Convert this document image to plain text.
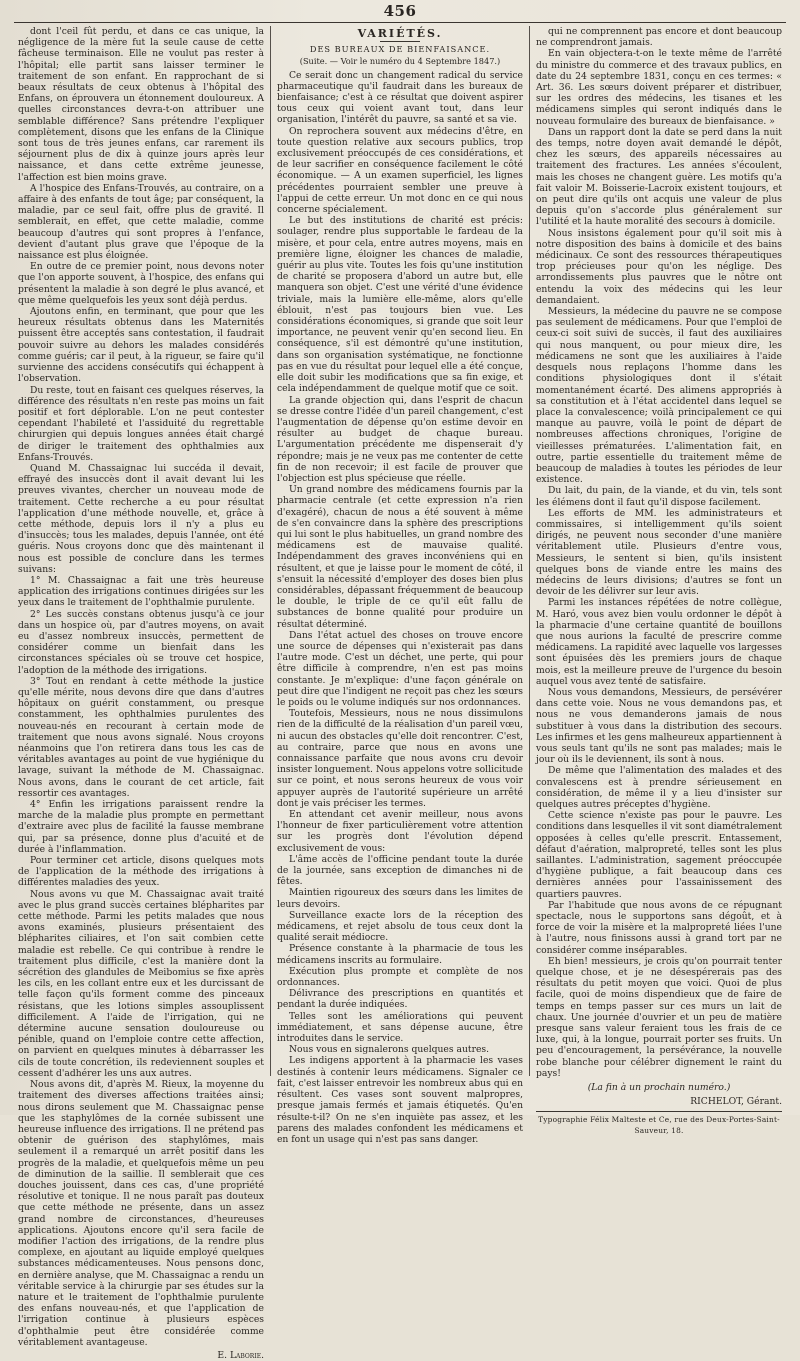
456

dont l'ceil fût perdu, et dans ce cas unique, la négligence de la mère fut la seule cause de cette fâcheuse terminaison. Elle ne voulut pas rester à l'hôpital; elle partit sans laisser terminer le traitement de son enfant. En rapprochant de si beaux résultats de ceux obtenus à l'hôpital des Enfans, on éprouvera un étonnement douloureux. A quelles circonstances devra-t-on attribuer une semblable différence? Sans prétendre l'expliquer complètement, disons que les enfans de la Clinique sont tous de très jeunes enfans, car rarement ils séjournent plus de dix à quinze jours après leur naissance, et dans cette extrême jeunesse, l'affection est bien moins grave.

A l'hospice des Enfans-Trouvés, au contraire, on a affaire à des enfants de tout âge; par conséquent, la maladie, par ce seul fait, offre plus de gravité. Il semblerait, en effet, que cette maladie, comme beaucoup d'autres qui sont propres à l'enfance, devient d'autant plus grave que l'époque de la naissance est plus éloignée.

En outre de ce premier point, nous devons noter que l'on apporte souvent, à l'hospice, des enfans qui présentent la maladie à son degré le plus avancé, et que même quelquefois les yeux sont déjà perdus.

Ajoutons enfin, en terminant, que pour que les heureux résultats obtenus dans les Maternités puissent être acceptés sans contestation, il faudrait pouvoir suivre au dehors les malades considérés comme guéris; car il peut, à la rigueur, se faire qu'il survienne des accidens consécutifs qui échappent à l'observation.

Du reste, tout en faisant ces quelques réserves, la différence des résultats n'en reste pas moins un fait positif et fort déplorable. L'on ne peut contester cependant l'habileté et l'assiduité du regrettable chirurgien qui depuis longues années était chargé de diriger le traitement des ophthalmies aux Enfans-Trouvés.

Quand M. Chassaignac lui succéda il devait, effrayé des insuccès dont il avait devant lui les preuves vivantes, chercher un nouveau mode de traitement. Cette recherche a eu pour résultat l'application d'une méthode nouvelle, et, grâce à cette méthode, depuis lors il n'y a plus eu d'insuccès; tous les malades, depuis l'année, ont été guéris. Nous croyons donc que dès maintenant il nous est possible de conclure dans les termes suivans:

1° M. Chassaignac a fait une très heureuse application des irrigations continues dirigées sur les yeux dans le traitement de l'ophthalmie purulente.

2° Les succès constans obtenus jusqu'à ce jour dans un hospice où, par d'autres moyens, on avait eu d'assez nombreux insuccès, permettent de considérer comme un bienfait dans les circonstances spéciales où se trouve cet hospice, l'adoption de la méthode des irrigations.

3° Tout en rendant à cette méthode la justice qu'elle mérite, nous devons dire que dans d'autres hôpitaux on guérit constamment, ou presque constamment, les ophthalmies purulentes des nouveau-nés en recourant à certain mode de traitement que nous avons signalé. Nous croyons néanmoins que l'on retirera dans tous les cas de véritables avantages au point de vue hygiénique du lavage, suivant la méthode de M. Chassaignac. Nous avons, dans le courant de cet article, fait ressortir ces avantages.

4° Enfin les irrigations paraissent rendre la marche de la maladie plus prompte en permettant d'extraire avec plus de facilité la fausse membrane qui, par sa présence, donne plus d'acuité et de durée à l'inflammation.

Pour terminer cet article, disons quelques mots de l'application de la méthode des irrigations à différentes maladies des yeux.

Nous avons vu que M. Chassaignac avait traité avec le plus grand succès certaines blépharites par cette méthode. Parmi les petits malades que nous avons examinés, plusieurs présentaient des blépharites ciliaires, et l'on sait combien cette maladie est rebelle. Ce qui contribue à rendre le traitement plus difficile, c'est la manière dont la sécrétion des glandules de Meibomius se fixe après les cils, en les collant entre eux et les durcissant de telle façon qu'ils forment comme des pinceaux résistans, que les lotions simples assouplissent difficilement. A l'aide de l'irrigation, qui ne détermine aucune sensation douloureuse ou pénible, quand on l'emploie contre cette affection, on parvient en quelques minutes à débarrasser les cils de toute concrétion, ils redeviennent souples et cessent d'adhérer les uns aux autres.

Nous avons dit, d'après M. Rieux, la moyenne du traitement des diverses affections traitées ainsi; nous dirons seulement que M. Chassaignac pense que les staphylômes de la cornée subissent une heureuse influence des irrigations. Il ne prétend pas obtenir de guérison des staphylômes, mais seulement il a remarqué un arrêt positif dans les progrès de la maladie, et quelquefois même un peu de diminution de la saillie. Il semblerait que ces douches jouissent, dans ces cas, d'une propriété résolutive et tonique. Il ne nous paraît pas douteux que cette méthode ne présente, dans un assez grand nombre de circonstances, d'heureuses applications. Ajoutons encore qu'il sera facile de modifier l'action des irrigations, de la rendre plus complexe, en ajoutant au liquide employé quelques substances médicamenteuses. Nous pensons donc, en dernière analyse, que M. Chassaignac a rendu un véritable service à la chirurgie par ses études sur la nature et le traitement de l'ophthalmie purulente des enfans nouveau-nés, et que l'application de l'irrigation continue à plusieurs espèces d'ophthalmie peut être considérée comme véritablement avantageuse.

E. Laborie.
VARIÉTÉS.
DES BUREAUX DE BIENFAISANCE.
(Suite. — Voir le numéro du 4 Septembre 1847.)

Ce serait donc un changement radical du service pharmaceutique qu'il faudrait dans les bureaux de bienfaisance; c'est à ce résultat que doivent aspirer tous ceux qui voient avant tout, dans leur organisation, l'intérêt du pauvre, sa santé et sa vie.

On reprochera souvent aux médecins d'être, en toute question relative aux secours publics, trop exclusivement préoccupés de ces considérations, et de leur sacrifier en conséquence facilement le côté économique. — A un examen superficiel, les lignes précédentes pourraient sembler une preuve à l'appui de cette erreur. Un mot donc en ce qui nous concerne spécialement.

Le but des institutions de charité est précis: soulager, rendre plus supportable le fardeau de la misère, et pour cela, entre autres moyens, mais en première ligne, éloigner les chances de maladie, guérir au plus vite. Toutes les fois qu'une institution de charité se proposera d'abord un autre but, elle manquera son objet. C'est une vérité d'une évidence triviale, mais la lumière elle-même, alors qu'elle éblouit, n'est pas toujours bien vue. Les considérations économiques, si grande que soit leur importance, ne peuvent venir qu'en second lieu. En conséquence, s'il est démontré qu'une institution, dans son organisation systématique, ne fonctionne pas en vue du résultat pour lequel elle a été conçue, elle doit subir les modifications que sa fin exige, et cela indépendamment de quelque motif que ce soit.

La grande objection qui, dans l'esprit de chacun se dresse contre l'idée d'un pareil changement, c'est l'augmentation de dépense qu'on estime devoir en résulter au budget de chaque bureau. L'argumentation précédente me dispenserait d'y répondre; mais je ne veux pas me contenter de cette fin de non recevoir; il est facile de prouver que l'objection est plus spécieuse que réelle.

Un grand nombre des médicamens fournis par la pharmacie centrale (et cette expression n'a rien d'exagéré), chacun de nous a été souvent à même de s'en convaincre dans la sphère des prescriptions qui lui sont le plus habituelles, un grand nombre des médicamens est de mauvaise qualité. Indépendamment des graves inconvéniens qui en résultent, et que je laisse pour le moment de côté, il s'ensuit la nécessité d'employer des doses bien plus considérables, dépassant fréquemment de beaucoup le double, le triple de ce qu'il eût fallu de substances de bonne qualité pour produire un résultat déterminé.

Dans l'état actuel des choses on trouve encore une source de dépenses qui n'existerait pas dans l'autre mode. C'est un déchet, une perte, qui pour être difficile à comprendre, n'en est pas moins constante. Je m'explique: d'une façon générale on peut dire que l'indigent ne reçoit pas chez les sœurs le poids ou le volume indiqués sur nos ordonnances.

Toutefois, Messieurs, nous ne nous dissimulons rien de la difficulté de la réalisation d'un pareil vœu, ni aucun des obstacles qu'elle doit rencontrer. C'est, au contraire, parce que nous en avons une connaissance parfaite que nous avons cru devoir insister longuement. Nous appelons votre sollicitude sur ce point, et nous serons heureux de vous voir appuyer auprès de l'autorité supérieure un arrêté dont je vais préciser les termes.

En attendant cet avenir meilleur, nous avons l'honneur de fixer particulièrement votre attention sur les progrès dont l'évolution dépend exclusivement de vous:

L'âme accès de l'officine pendant toute la durée de la journée, sans exception de dimanches ni de fêtes.

Maintien rigoureux des sœurs dans les limites de leurs devoirs.

Surveillance exacte lors de la réception des médicamens, et rejet absolu de tous ceux dont la qualité serait médiocre.

Présence constante à la pharmacie de tous les médicamens inscrits au formulaire.

Exécution plus prompte et complète de nos ordonnances.

Délivrance des prescriptions en quantités et pendant la durée indiquées.

Telles sont les améliorations qui peuvent immédiatement, et sans dépense aucune, être introduites dans le service.

Nous vous en signalerons quelques autres.

Les indigens apportent à la pharmacie les vases destinés à contenir leurs médicamens. Signaler ce fait, c'est laisser entrevoir les nombreux abus qui en résultent. Ces vases sont souvent malpropres, presque jamais fermés et jamais étiquetés. Qu'en résulte-t-il? On ne s'en inquiète pas assez, et les parens des malades confondent les médicamens et en font un usage qui n'est pas sans danger.

qui ne comprennent pas encore et dont beaucoup ne comprendront jamais.

En vain objectera-t-on le texte même de l'arrêté du ministre du commerce et des travaux publics, en date du 24 septembre 1831, conçu en ces termes: « Art. 36. Les sœurs doivent préparer et distribuer, sur les ordres des médecins, les tisanes et les médicamens simples qui seront indiqués dans le nouveau formulaire des bureaux de bienfaisance. »

Dans un rapport dont la date se perd dans la nuit des temps, notre doyen avait demandé le dépôt, chez les sœurs, des appareils nécessaires au traitement des fractures. Les années s'écoulent, mais les choses ne changent guère. Les motifs qu'a fait valoir M. Boisserie-Lacroix existent toujours, et on peut dire qu'ils ont acquis une valeur de plus depuis qu'on s'accorde plus généralement sur l'utilité et la haute moralité des secours à domicile.

Nous insistons également pour qu'il soit mis à notre disposition des bains à domicile et des bains médicinaux. Ce sont des ressources thérapeutiques trop précieuses pour qu'on les néglige. Des arrondissements plus pauvres que le nôtre ont entendu la voix des médecins qui les leur demandaient.

Messieurs, la médecine du pauvre ne se compose pas seulement de médicamens. Pour que l'emploi de ceux-ci soit suivi de succès, il faut des auxiliaires qui nous manquent, ou pour mieux dire, les médicamens ne sont que les auxiliaires à l'aide desquels nous replaçons l'homme dans les conditions physiologiques dont il s'était momentanément écarté. Des alimens appropriés à sa constitution et à l'état accidentel dans lequel se place la convalescence; voilà principalement ce qui manque au pauvre, voilà le point de départ de nombreuses affections chroniques, l'origine de vieillesses prématurées. L'alimentation fait, en outre, partie essentielle du traitement même de beaucoup de maladies à toutes les périodes de leur existence.

Du lait, du pain, de la viande, et du vin, tels sont les élémens dont il faut qu'il dispose facilement.

Les efforts de MM. les administrateurs et commissaires, si intelligemment qu'ils soient dirigés, ne peuvent nous seconder d'une manière véritablement utile. Plusieurs d'entre vous, Messieurs, le sentent si bien, qu'ils insistent quelques bons de viande entre les mains des médecins de leurs divisions; d'autres se font un devoir de les délivrer sur leur avis.

Parmi les instances répétées de notre collègue, M. Haró, vous avez bien voulu ordonner le dépôt à la pharmacie d'une certaine quantité de bouillons que nous aurions la faculté de prescrire comme médicamens. La rapidité avec laquelle vos largesses sont épuisées dès les premiers jours de chaque mois, est la meilleure preuve de l'urgence du besoin auquel vous avez tenté de satisfaire.

Nous vous demandons, Messieurs, de persévérer dans cette voie. Nous ne vous demandons pas, et nous ne vous demanderons jamais de nous substituer à vous dans la distribution des secours. Les infirmes et les gens malheureux appartiennent à vous seuls tant qu'ils ne sont pas malades; mais le jour où ils le deviennent, ils sont à nous.

De même que l'alimentation des malades et des convalescens est à prendre sérieusement en considération, de même il y a lieu d'insister sur quelques autres préceptes d'hygiène.

Cette science n'existe pas pour le pauvre. Les conditions dans lesquelles il vit sont diamétralement opposées à celles qu'elle prescrit. Entassement, défaut d'aération, malpropreté, telles sont les plus saillantes. L'administration, sagement préoccupée d'hygiène publique, a fait beaucoup dans ces dernières années pour l'assainissement des quartiers pauvres.

Par l'habitude que nous avons de ce répugnant spectacle, nous le supportons sans dégoût, et à force de voir la misère et la malpropreté liées l'une à l'autre, nous finissons aussi à grand tort par ne considérer comme inséparables.

Eh bien! messieurs, je crois qu'on pourrait tenter quelque chose, et je ne désespérerais pas des résultats du petit moyen que voici. Quoi de plus facile, quoi de moins dispendieux que de faire de temps en temps passer sur ces murs un lait de chaux. Une journée d'ouvrier et un peu de matière presque sans valeur feraient tous les frais de ce luxe, qui, à la longue, pourrait porter ses fruits. Un peu d'encouragement, la persévérance, la nouvelle robe blanche pour célébrer dignement le raint du pays!

(La fin à un prochain numéro.)
RICHELOT, Gérant.
Typographie Félix Malteste et Ce, rue des Deux-Portes-Saint-Sauveur, 18.
